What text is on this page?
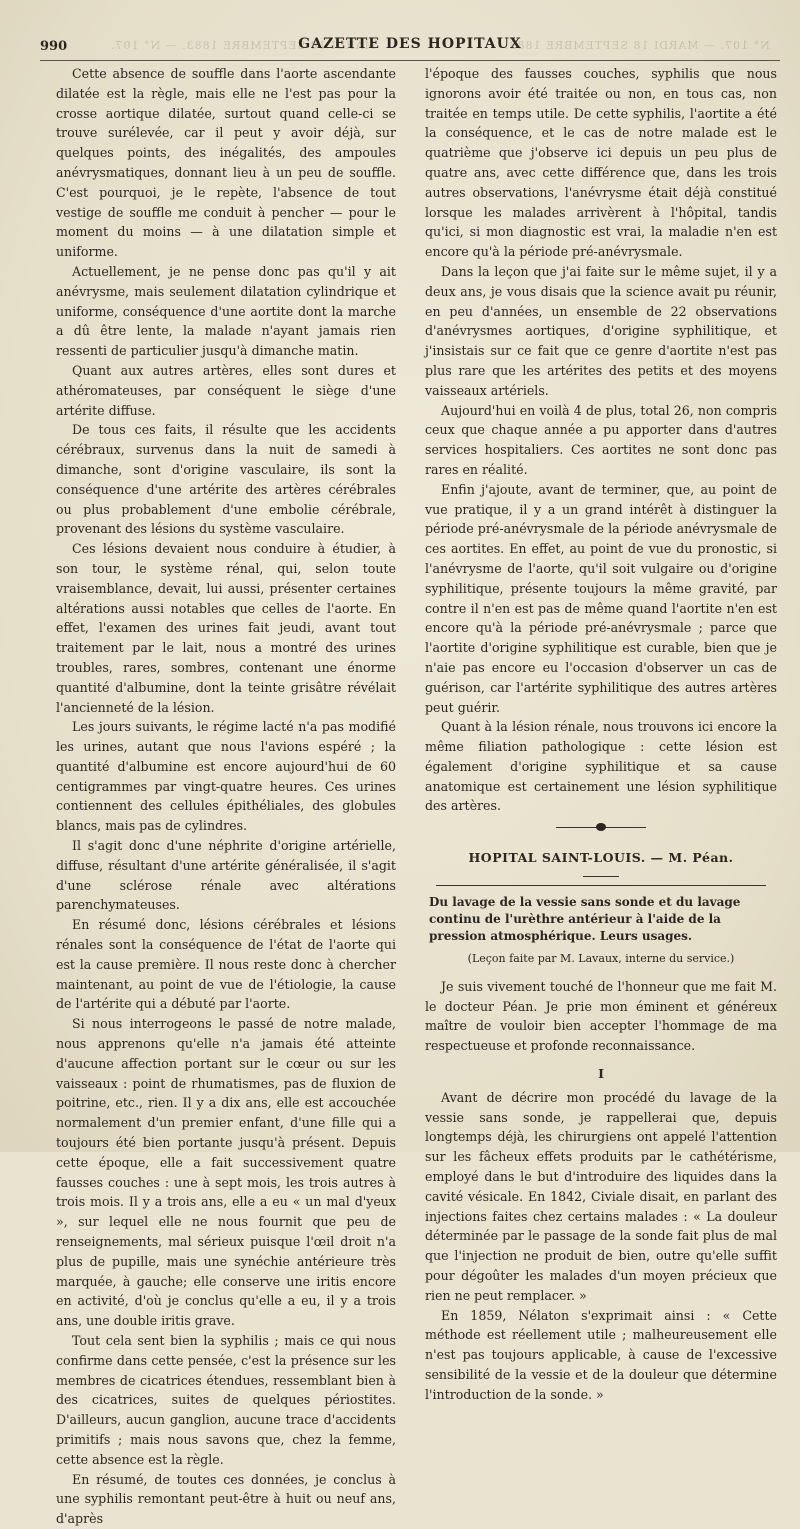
990	MARDI 18 SEPTEMBRE 1883. — N° 107.
GAZETTE DES HOPITAUX
N° 107. — MARDI 18 SEPTEMBRE 1883.

Cette absence de souffle dans l'aorte ascendante dilatée est la règle, mais elle ne l'est pas pour la crosse aortique dilatée, surtout quand celle-ci se trouve surélevée, car il peut y avoir déjà, sur quelques points, des inégalités, des ampoules anévrysmatiques, donnant lieu à un peu de souffle. C'est pourquoi, je le repète, l'absence de tout vestige de souffle me conduit à pencher — pour le moment du moins — à une dilatation simple et uniforme.

Actuellement, je ne pense donc pas qu'il y ait anévrysme, mais seulement dilatation cylindrique et uniforme, conséquence d'une aortite dont la marche a dû être lente, la malade n'ayant jamais rien ressenti de particulier jusqu'à dimanche matin.

Quant aux autres artères, elles sont dures et athéromateuses, par conséquent le siège d'une artérite diffuse.

De tous ces faits, il résulte que les accidents cérébraux, survenus dans la nuit de samedi à dimanche, sont d'origine vasculaire, ils sont la conséquence d'une artérite des artères cérébrales ou plus probablement d'une embolie cérébrale, provenant des lésions du système vasculaire.

Ces lésions devaient nous conduire à étudier, à son tour, le système rénal, qui, selon toute vraisemblance, devait, lui aussi, présenter certaines altérations aussi notables que celles de l'aorte. En effet, l'examen des urines fait jeudi, avant tout traitement par le lait, nous a montré des urines troubles, rares, sombres, contenant une énorme quantité d'albumine, dont la teinte grisâtre révélait l'ancienneté de la lésion.

Les jours suivants, le régime lacté n'a pas modifié les urines, autant que nous l'avions espéré ; la quantité d'albumine est encore aujourd'hui de 60 centigrammes par vingt-quatre heures. Ces urines contiennent des cellules épithéliales, des globules blancs, mais pas de cylindres.

Il s'agit donc d'une néphrite d'origine artérielle, diffuse, résultant d'une artérite généralisée, il s'agit d'une sclérose rénale avec altérations parenchymateuses.

En résumé donc, lésions cérébrales et lésions rénales sont la conséquence de l'état de l'aorte qui est la cause première. Il nous reste donc à chercher maintenant, au point de vue de l'étiologie, la cause de l'artérite qui a débuté par l'aorte.

Si nous interrogeons le passé de notre malade, nous apprenons qu'elle n'a jamais été atteinte d'aucune affection portant sur le cœur ou sur les vaisseaux : point de rhumatismes, pas de fluxion de poitrine, etc., rien. Il y a dix ans, elle est accouchée normalement d'un premier enfant, d'une fille qui a toujours été bien portante jusqu'à présent. Depuis cette époque, elle a fait successivement quatre fausses couches : une à sept mois, les trois autres à trois mois. Il y a trois ans, elle a eu « un mal d'yeux », sur lequel elle ne nous fournit que peu de renseignements, mal sérieux puisque l'œil droit n'a plus de pupille, mais une synéchie antérieure très marquée, à gauche; elle conserve une iritis encore en activité, d'où je conclus qu'elle a eu, il y a trois ans, une double iritis grave.

Tout cela sent bien la syphilis ; mais ce qui nous confirme dans cette pensée, c'est la présence sur les membres de cicatrices étendues, ressemblant bien à des cicatrices, suites de quelques périostites. D'ailleurs, aucun ganglion, aucune trace d'accidents primitifs ; mais nous savons que, chez la femme, cette absence est la règle.

En résumé, de toutes ces données, je conclus à une syphilis remontant peut-être à huit ou neuf ans, d'après

l'époque des fausses couches, syphilis que nous ignorons avoir été traitée ou non, en tous cas, non traitée en temps utile. De cette syphilis, l'aortite a été la conséquence, et le cas de notre malade est le quatrième que j'observe ici depuis un peu plus de quatre ans, avec cette différence que, dans les trois autres observations, l'anévrysme était déjà constitué lorsque les malades arrivèrent à l'hôpital, tandis qu'ici, si mon diagnostic est vrai, la maladie n'en est encore qu'à la période pré-anévrysmale.

Dans la leçon que j'ai faite sur le même sujet, il y a deux ans, je vous disais que la science avait pu réunir, en peu d'années, un ensemble de 22 observations d'anévrysmes aortiques, d'origine syphilitique, et j'insistais sur ce fait que ce genre d'aortite n'est pas plus rare que les artérites des petits et des moyens vaisseaux artériels.

Aujourd'hui en voilà 4 de plus, total 26, non compris ceux que chaque année a pu apporter dans d'autres services hospitaliers. Ces aortites ne sont donc pas rares en réalité.

Enfin j'ajoute, avant de terminer, que, au point de vue pratique, il y a un grand intérêt à distinguer la période pré-anévrysmale de la période anévrysmale de ces aortites. En effet, au point de vue du pronostic, si l'anévrysme de l'aorte, qu'il soit vulgaire ou d'origine syphilitique, présente toujours la même gravité, par contre il n'en est pas de même quand l'aortite n'en est encore qu'à la période pré-anévrysmale ; parce que l'aortite d'origine syphilitique est curable, bien que je n'aie pas encore eu l'occasion d'observer un cas de guérison, car l'artérite syphilitique des autres artères peut guérir.

Quant à la lésion rénale, nous trouvons ici encore la même filiation pathologique : cette lésion est également d'origine syphilitique et sa cause anatomique est certainement une lésion syphilitique des artères.

HOPITAL SAINT-LOUIS. — M. Péan.
Du lavage de la vessie sans sonde et du lavage continu de l'urèthre antérieur à l'aide de la pression atmosphérique. Leurs usages.
(Leçon faite par M. Lavaux, interne du service.)

Je suis vivement touché de l'honneur que me fait M. le docteur Péan. Je prie mon éminent et généreux maître de vouloir bien accepter l'hommage de ma respectueuse et profonde reconnaissance.

I

Avant de décrire mon procédé du lavage de la vessie sans sonde, je rappellerai que, depuis longtemps déjà, les chirurgiens ont appelé l'attention sur les fâcheux effets produits par le cathétérisme, employé dans le but d'introduire des liquides dans la cavité vésicale. En 1842, Civiale disait, en parlant des injections faites chez certains malades : « La douleur déterminée par le passage de la sonde fait plus de mal que l'injection ne produit de bien, outre qu'elle suffit pour dégoûter les malades d'un moyen précieux que rien ne peut remplacer. »

En 1859, Nélaton s'exprimait ainsi : « Cette méthode est réellement utile ; malheureusement elle n'est pas toujours applicable, à cause de l'excessive sensibilité de la vessie et de la douleur que détermine l'introduction de la sonde. »
